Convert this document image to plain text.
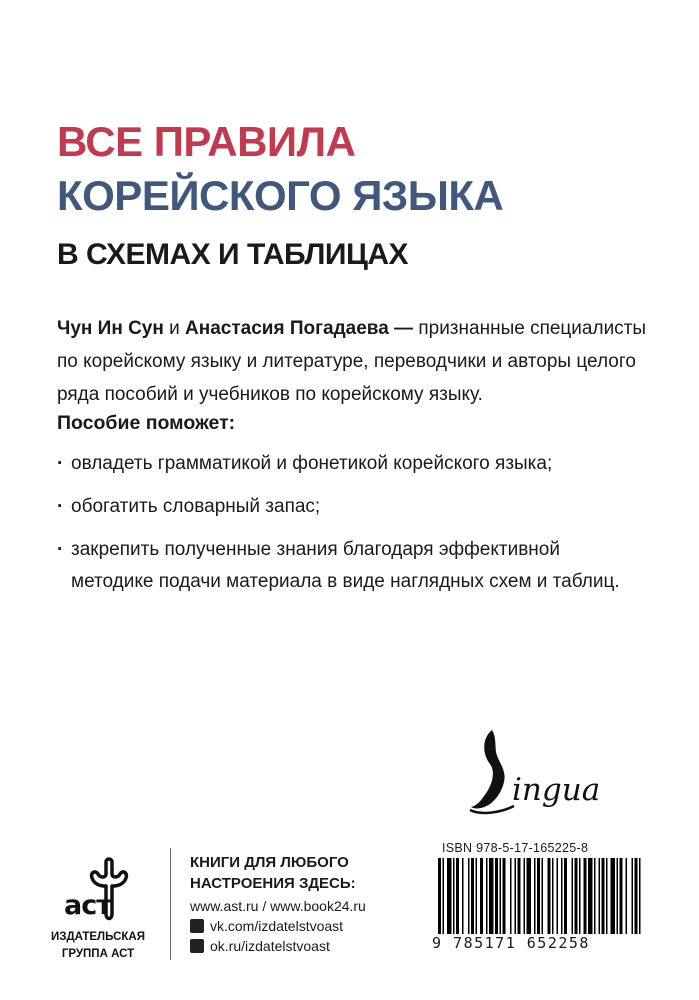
ВСЕ ПРАВИЛА
КОРЕЙСКОГО ЯЗЫКА
В СХЕМАХ И ТАБЛИЦАХ

Чун Ин Сун и Анастасия Погадаева — признанные специалисты по корейскому языку и литературе, переводчики и авторы целого ряда пособий и учебников по корейскому языку.

Пособие поможет:

· овладеть грамматикой и фонетикой корейского языка;
· обогатить словарный запас;
· закрепить полученные знания благодаря эффективной
методике подачи материала в виде наглядных схем и таблиц.
ingua
аст
ИЗДАТЕЛЬСКАЯ
ГРУППА АСТ

КНИГИ ДЛЯ ЛЮБОГО
НАСТРОЕНИЯ ЗДЕСЬ:

www.ast.ru / www.book24.ru
vk.com/izdatelstvoast
ok.ru/izdatelstvoast
ISBN 978-5-17-165225-8
9 785171 652258
